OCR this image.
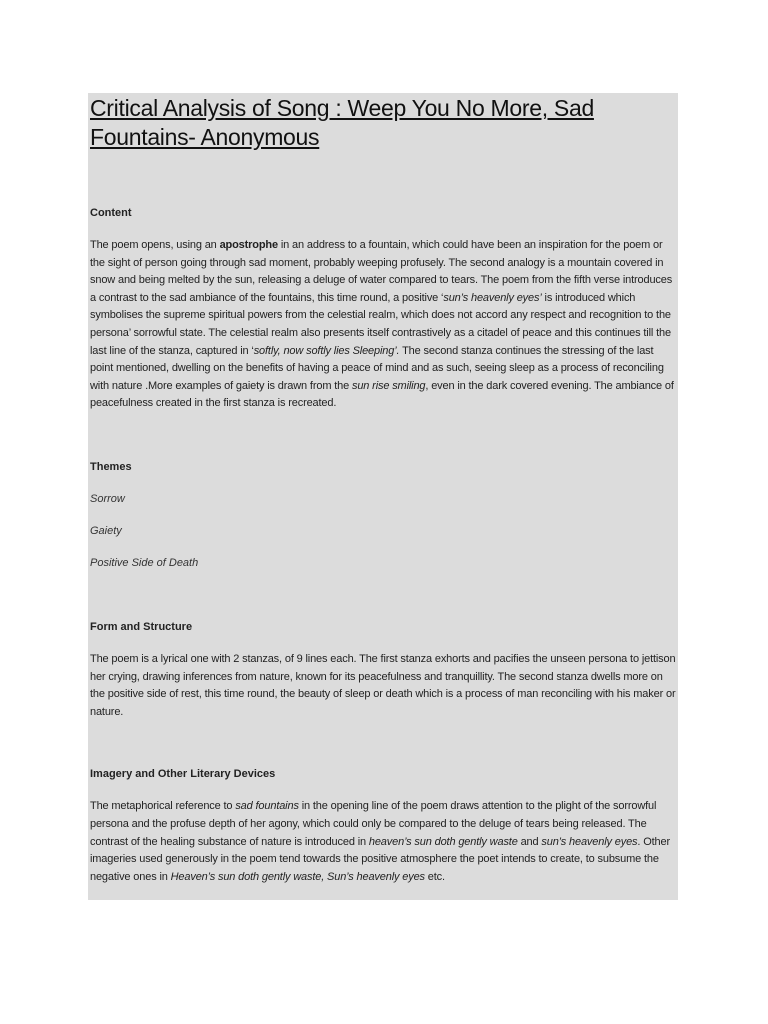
Critical Analysis of Song : Weep You No More, Sad Fountains- Anonymous
Content

The poem opens, using an apostrophe in an address to a fountain, which could have been an inspiration for the poem or the sight of person going through sad moment, probably weeping profusely. The second analogy is a mountain covered in snow and being melted by the sun, releasing a deluge of water compared to tears. The poem from the fifth verse introduces a contrast to the sad ambiance of the fountains, this time round, a positive ‘sun’s heavenly eyes’ is introduced which symbolises the supreme spiritual powers from the celestial realm, which does not accord any respect and recognition to the persona’ sorrowful state. The celestial realm also presents itself contrastively as a citadel of peace and this continues till the last line of the stanza, captured in ‘softly, now softly lies Sleeping’. The second stanza continues the stressing of the last point mentioned, dwelling on the benefits of having a peace of mind and as such, seeing sleep as a process of reconciling with nature .More examples of gaiety is drawn from the sun rise smiling, even in the dark covered evening. The ambiance of peacefulness created in the first stanza is recreated.

Themes
Sorrow
Gaiety
Positive Side of Death
Form and Structure

The poem is a lyrical one with 2 stanzas, of 9 lines each. The first stanza exhorts and pacifies the unseen persona to jettison her crying, drawing inferences from nature, known for its peacefulness and tranquillity. The second stanza dwells more on the positive side of rest, this time round, the beauty of sleep or death which is a process of man reconciling with his maker or nature.

Imagery and Other Literary Devices

The metaphorical reference to sad fountains in the opening line of the poem draws attention to the plight of the sorrowful persona and the profuse depth of her agony, which could only be compared to the deluge of tears being released. The contrast of the healing substance of nature is introduced in heaven’s sun doth gently waste and sun’s heavenly eyes. Other imageries used generously in the poem tend towards the positive atmosphere the poet intends to create, to subsume the negative ones in Heaven’s sun doth gently waste, Sun’s heavenly eyes etc.
